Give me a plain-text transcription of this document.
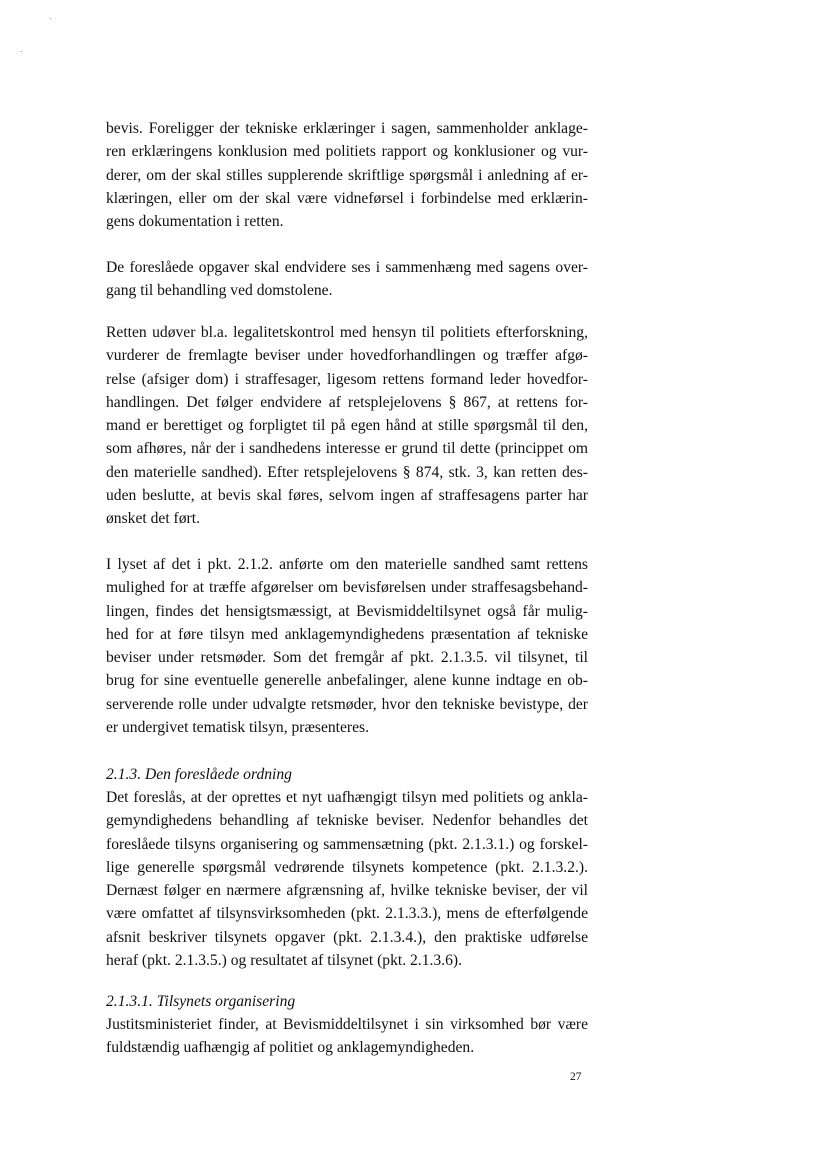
bevis. Foreligger der tekniske erklæringer i sagen, sammenholder anklage-
ren erklæringens konklusion med politiets rapport og konklusioner og vur-
derer, om der skal stilles supplerende skriftlige spørgsmål i anledning af er-
klæringen, eller om der skal være vidneførsel i forbindelse med erklærin-
gens dokumentation i retten.
De foreslåede opgaver skal endvidere ses i sammenhæng med sagens over-
gang til behandling ved domstolene.
Retten udøver bl.a. legalitetskontrol med hensyn til politiets efterforskning,
vurderer de fremlagte beviser under hovedforhandlingen og træffer afgø-
relse (afsiger dom) i straffesager, ligesom rettens formand leder hovedfor-
handlingen. Det følger endvidere af retsplejelovens § 867, at rettens for-
mand er berettiget og forpligtet til på egen hånd at stille spørgsmål til den,
som afhøres, når der i sandhedens interesse er grund til dette (princippet om
den materielle sandhed). Efter retsplejelovens § 874, stk. 3, kan retten des-
uden beslutte, at bevis skal føres, selvom ingen af straffesagens parter har
ønsket det ført.
I lyset af det i pkt. 2.1.2. anførte om den materielle sandhed samt rettens
mulighed for at træffe afgørelser om bevisførelsen under straffesagsbehand-
lingen, findes det hensigtsmæssigt, at Bevismiddeltilsynet også får mulig-
hed for at føre tilsyn med anklagemyndighedens præsentation af tekniske
beviser under retsmøder. Som det fremgår af pkt. 2.1.3.5. vil tilsynet, til
brug for sine eventuelle generelle anbefalinger, alene kunne indtage en ob-
serverende rolle under udvalgte retsmøder, hvor den tekniske bevistype, der
er undergivet tematisk tilsyn, præsenteres.
2.1.3. Den foreslåede ordning
Det foreslås, at der oprettes et nyt uafhængigt tilsyn med politiets og ankla-
gemyndighedens behandling af tekniske beviser. Nedenfor behandles det
foreslåede tilsyns organisering og sammensætning (pkt. 2.1.3.1.) og forskel-
lige generelle spørgsmål vedrørende tilsynets kompetence (pkt. 2.1.3.2.).
Dernæst følger en nærmere afgrænsning af, hvilke tekniske beviser, der vil
være omfattet af tilsynsvirksomheden (pkt. 2.1.3.3.), mens de efterfølgende
afsnit beskriver tilsynets opgaver (pkt. 2.1.3.4.), den praktiske udførelse
heraf (pkt. 2.1.3.5.) og resultatet af tilsynet (pkt. 2.1.3.6).
2.1.3.1. Tilsynets organisering
Justitsministeriet finder, at Bevismiddeltilsynet i sin virksomhed bør være
fuldstændig uafhængig af politiet og anklagemyndigheden.
27
